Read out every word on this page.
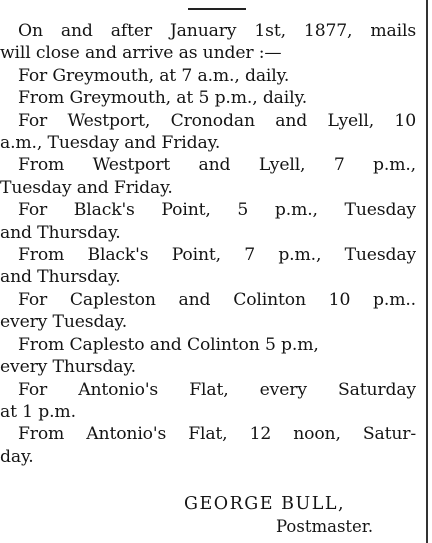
On and after January 1st, 1877, mails
will close and arrive as under :—
For Greymouth, at 7 a.m., daily.
From Greymouth, at 5 p.m., daily.
For Westport, Cronodan and Lyell, 10
a.m., Tuesday and Friday.
From Westport and Lyell, 7 p.m.,
Tuesday and Friday.
For Black's Point, 5 p.m., Tuesday
and Thursday.
From Black's Point, 7 p.m., Tuesday
and Thursday.
For Capleston and Colinton 10 p.m..
every Tuesday.
From Caplesto and Colinton 5 p.m,
every Thursday.
For Antonio's Flat, every Saturday
at 1 p.m.
From Antonio's Flat, 12 noon, Satur-
day.
GEORGE BULL,
Postmaster.
